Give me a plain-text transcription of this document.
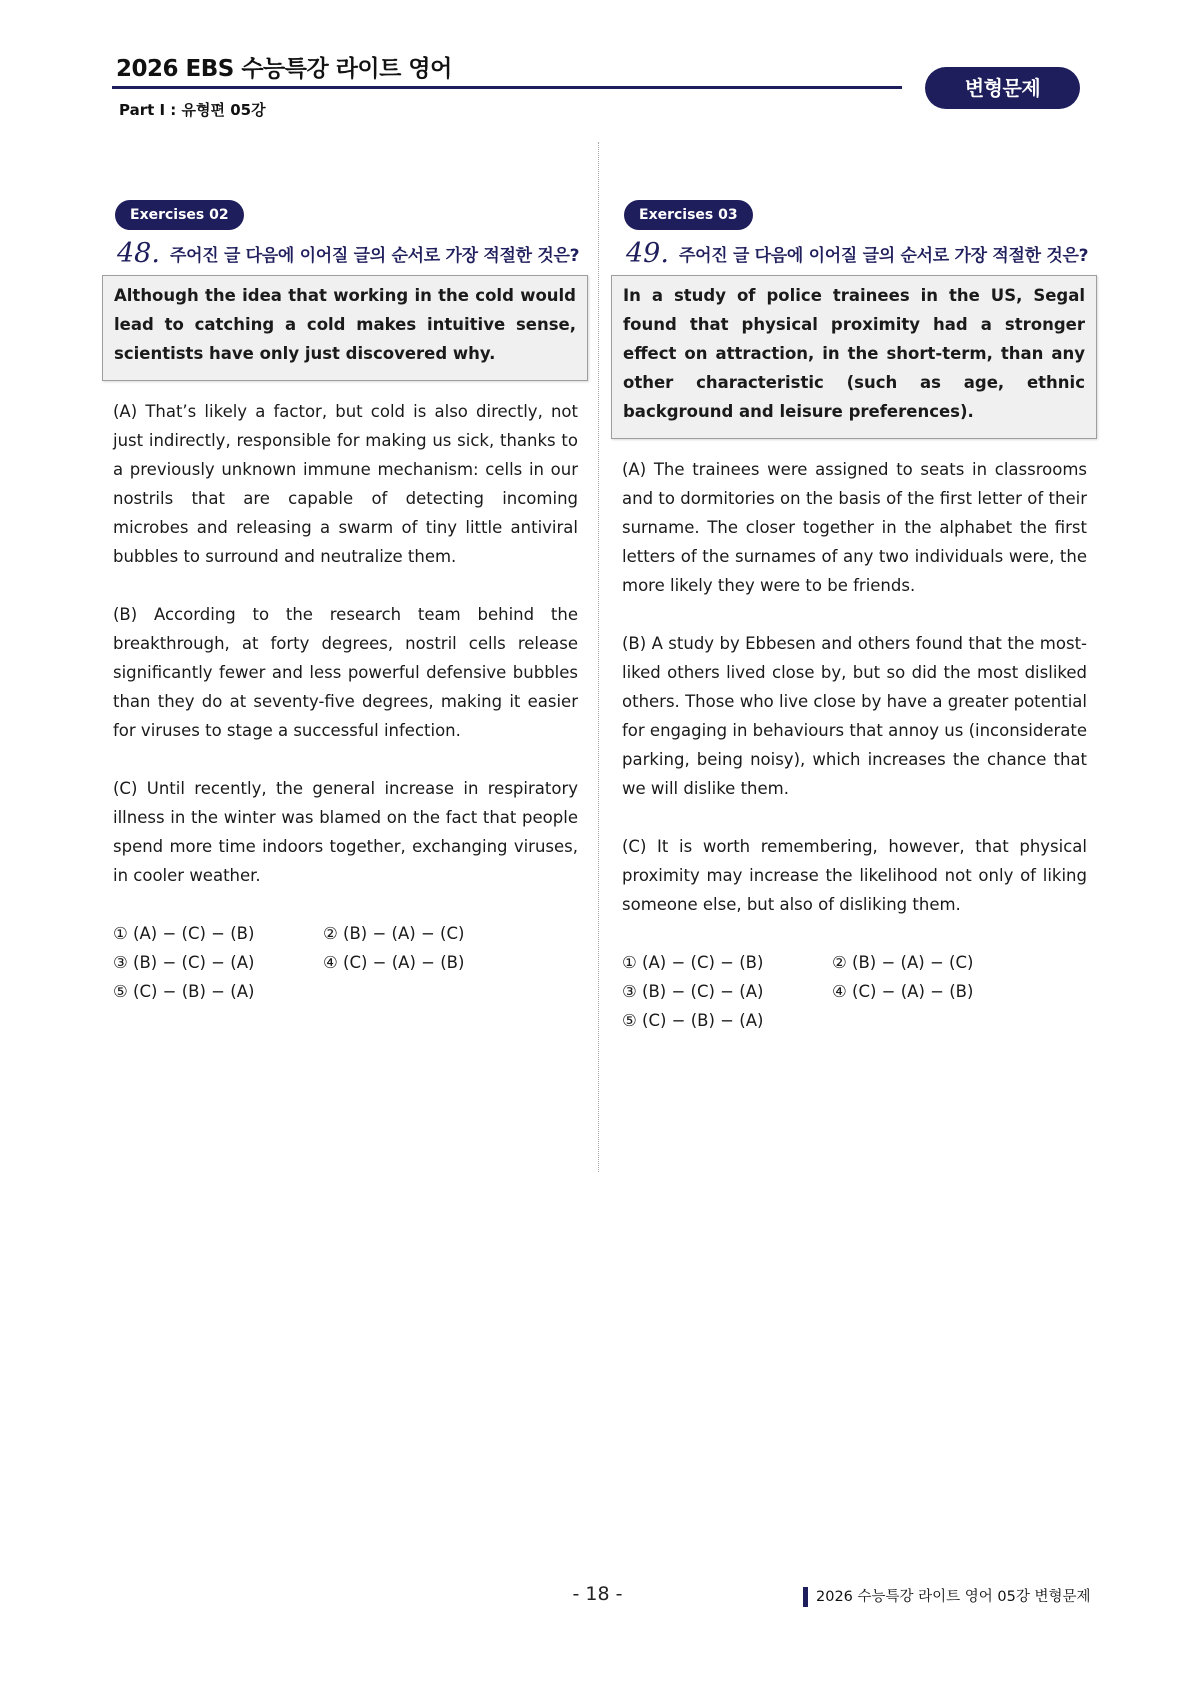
2026 EBS 수능특강 라이트 영어
Part Ⅰ : 유형편 05강
변형문제
Exercises 02
48. 주어진 글 다음에 이어질 글의 순서로 가장 적절한 것은?
Although the idea that working in the cold would lead to catching a cold makes intuitive sense, scientists have only just discovered why.
(A) That’s likely a factor, but cold is also directly, not just indirectly, responsible for making us sick, thanks to a previously unknown immune mechanism: cells in our nostrils that are capable of detecting incoming microbes and releasing a swarm of tiny little antiviral bubbles to surround and neutralize them.
(B) According to the research team behind the breakthrough, at forty degrees, nostril cells release significantly fewer and less powerful defensive bubbles than they do at seventy-five degrees, making it easier for viruses to stage a successful infection.
(C) Until recently, the general increase in respiratory illness in the winter was blamed on the fact that people spend more time indoors together, exchanging viruses, in cooler weather.
① (A) − (C) − (B)	② (B) − (A) − (C)
③ (B) − (C) − (A)	④ (C) − (A) − (B)
⑤ (C) − (B) − (A)
Exercises 03
49. 주어진 글 다음에 이어질 글의 순서로 가장 적절한 것은?
In a study of police trainees in the US, Segal found that physical proximity had a stronger effect on attraction, in the short-term, than any other characteristic (such as age, ethnic background and leisure preferences).
(A) The trainees were assigned to seats in classrooms and to dormitories on the basis of the first letter of their surname. The closer together in the alphabet the first letters of the surnames of any two individuals were, the more likely they were to be friends.
(B) A study by Ebbesen and others found that the most-liked others lived close by, but so did the most disliked others. Those who live close by have a greater potential for engaging in behaviours that annoy us (inconsiderate parking, being noisy), which increases the chance that we will dislike them.
(C) It is worth remembering, however, that physical proximity may increase the likelihood not only of liking someone else, but also of disliking them.
① (A) − (C) − (B)	② (B) − (A) − (C)
③ (B) − (C) − (A)	④ (C) − (A) − (B)
⑤ (C) − (B) − (A)
- 18 -	2026 수능특강 라이트 영어 05강 변형문제
